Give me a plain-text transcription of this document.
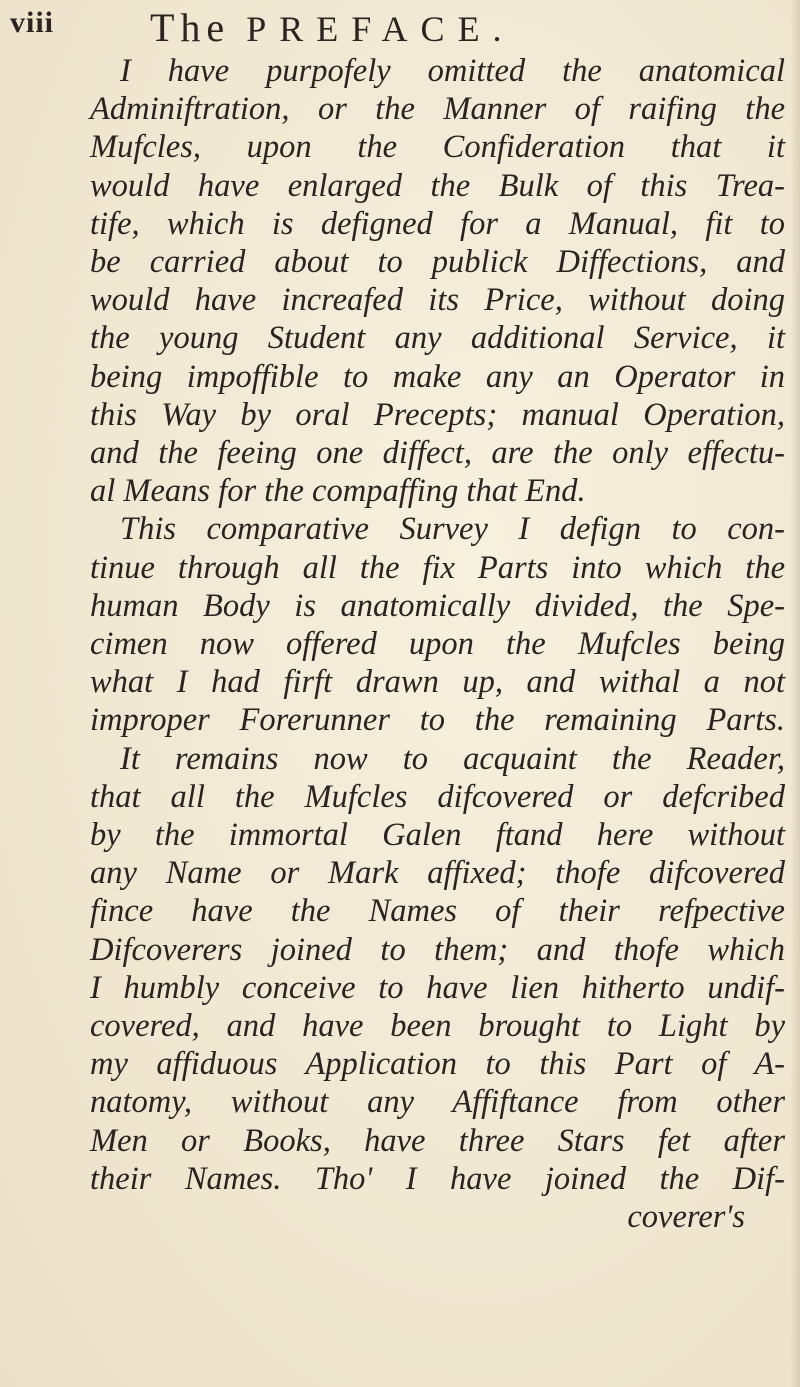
viii The PREFACE.
I have purpofely omitted the anatomical
Adminiftration, or the Manner of raifing the
Mufcles, upon the Confideration that it
would have enlarged the Bulk of this Trea-
tife, which is defigned for a Manual, fit to
be carried about to publick Diffections, and
would have increafed its Price, without doing
the young Student any additional Service, it
being impoffible to make any an Operator in
this Way by oral Precepts; manual Operation,
and the feeing one diffect, are the only effectu-
al Means for the compaffing that End.
This comparative Survey I defign to con-
tinue through all the fix Parts into which the
human Body is anatomically divided, the Spe-
cimen now offered upon the Mufcles being
what I had firft drawn up, and withal a not
improper Forerunner to the remaining Parts.
It remains now to acquaint the Reader,
that all the Mufcles difcovered or defcribed
by the immortal Galen ftand here without
any Name or Mark affixed; thofe difcovered
fince have the Names of their refpective
Difcoverers joined to them; and thofe which
I humbly conceive to have lien hitherto undif-
covered, and have been brought to Light by
my affiduous Application to this Part of A-
natomy, without any Affiftance from other
Men or Books, have three Stars fet after
their Names. Tho' I have joined the Dif-
coverer's
